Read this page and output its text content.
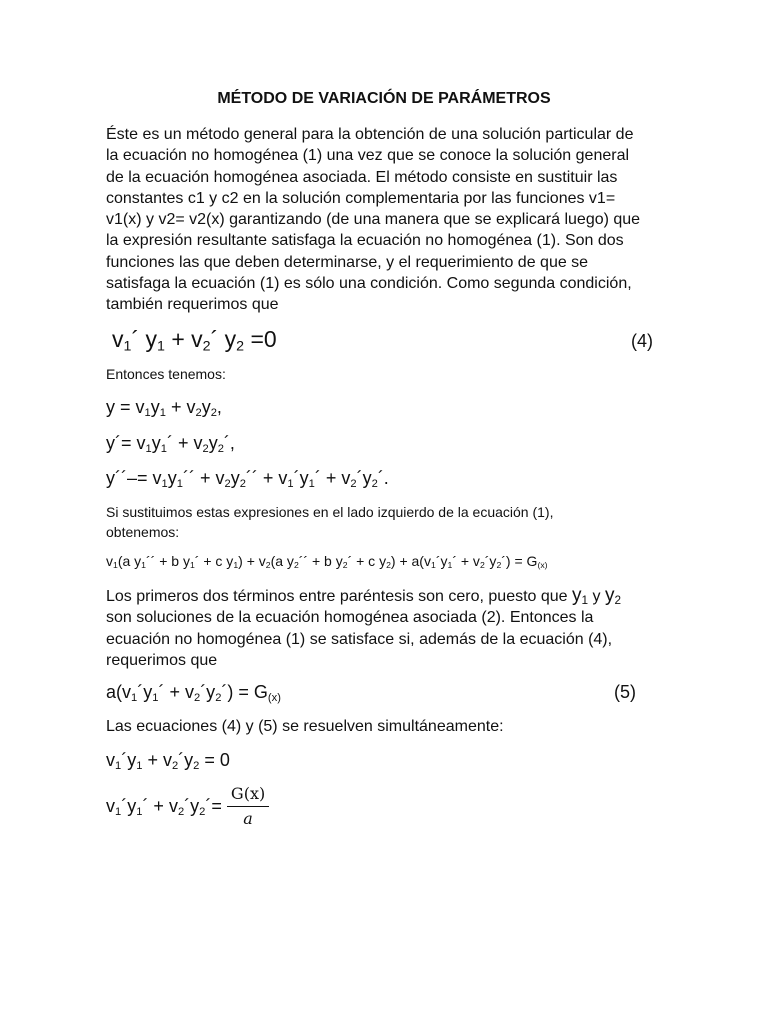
MÉTODO DE VARIACIÓN DE PARÁMETROS
Éste es un método general para la obtención de una solución particular de
la ecuación no homogénea (1) una vez que se conoce la solución general
de la ecuación homogénea asociada. El método consiste en sustituir las
constantes c1 y c2 en la solución complementaria por las funciones v1=
v1(x) y v2= v2(x) garantizando (de una manera que se explicará luego) que
la expresión resultante satisfaga la ecuación no homogénea (1). Son dos
funciones las que deben determinarse, y el requerimiento de que se
satisfaga la ecuación (1) es sólo una condición. Como segunda condición,
también requerimos que
$v_1´$ $y_1$ + $v_2´$ $y_2 =0$	(4)
Entonces tenemos:
$y = v_1y_1 + v_2y_2$,
y´= $v_1y_1´$ + $v_2y_2´$,
y´´–= $v_1y_1´´$ + $v_2y_2´´$ + $v_1´y_1´$ + $v_2´y_2´$.
Si sustituimos estas expresiones en el lado izquierdo de la ecuación (1),
obtenemos:
$v_1(a$ $y_1´´ + b$ $y_1´ + c$ $y_1) + v_2(a$ $y_2´´ + b$ $y_2´ + c$ $y_2$) + $a(v_1´y_1´$ + $v_2´y_2´) = G_{(x)}$
Los primeros dos términos entre paréntesis son cero, puesto que $y_1$ y $y_2$
son soluciones de la ecuación homogénea asociada (2). Entonces la
ecuación no homogénea (1) se satisface si, además de la ecuación (4),
requerimos que
$a(v_1´y_1´$ + $v_2´y_2´) = G_{(x)}$	(5)
Las ecuaciones (4) y (5) se resuelven simultáneamente:
$v_1´y_1$ + $v_2´y_2 = 0$
$v_1´y_1´$ + $v_2´y_2´= \frac{G(x)}{a}$
